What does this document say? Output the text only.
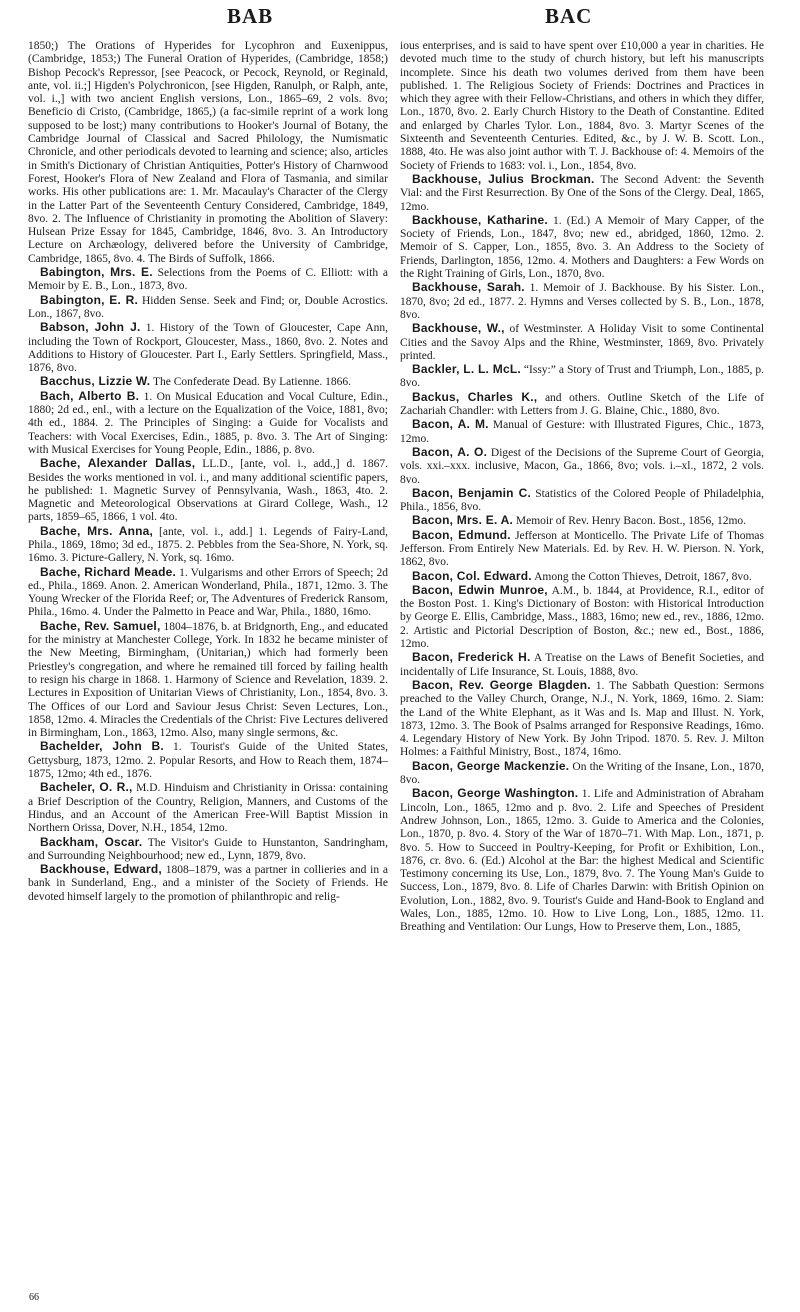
BAB	BAC

1850;) The Orations of Hyperides for Lycophron and Euxenippus, (Cambridge, 1853;) The Funeral Oration of Hyperides, (Cambridge, 1858;) Bishop Pecock's Repressor, [see Peacock, or Pecock, Reynold, or Reginald, ante, vol. ii.;] Higden's Polychronicon, [see Higden, Ranulph, or Ralph, ante, vol. i.,] with two ancient English versions, Lon., 1865–69, 2 vols. 8vo; Beneficio di Cristo, (Cambridge, 1865,) (a fac-simile reprint of a work long supposed to be lost;) many contributions to Hooker's Journal of Botany, the Cambridge Journal of Classical and Sacred Philology, the Numismatic Chronicle, and other periodicals devoted to learning and science; also, articles in Smith's Dictionary of Christian Antiquities, Potter's History of Charnwood Forest, Hooker's Flora of New Zealand and Flora of Tasmania, and similar works. His other publications are: 1. Mr. Macaulay's Character of the Clergy in the Latter Part of the Seventeenth Century Considered, Cambridge, 1849, 8vo. 2. The Influence of Christianity in promoting the Abolition of Slavery: Hulsean Prize Essay for 1845, Cambridge, 1846, 8vo. 3. An Introductory Lecture on Archæology, delivered before the University of Cambridge, Cambridge, 1865, 8vo. 4. The Birds of Suffolk, 1866.

Babington, Mrs. E. Selections from the Poems of C. Elliott: with a Memoir by E. B., Lon., 1873, 8vo.

Babington, E. R. Hidden Sense. Seek and Find; or, Double Acrostics. Lon., 1867, 8vo.

Babson, John J. 1. History of the Town of Gloucester, Cape Ann, including the Town of Rockport, Gloucester, Mass., 1860, 8vo. 2. Notes and Additions to History of Gloucester. Part I., Early Settlers. Springfield, Mass., 1876, 8vo.

Bacchus, Lizzie W. The Confederate Dead. By Latienne. 1866.

Bach, Alberto B. 1. On Musical Education and Vocal Culture, Edin., 1880; 2d ed., enl., with a lecture on the Equalization of the Voice, 1881, 8vo; 4th ed., 1884. 2. The Principles of Singing: a Guide for Vocalists and Teachers: with Vocal Exercises, Edin., 1885, p. 8vo. 3. The Art of Singing: with Musical Exercises for Young People, Edin., 1886, p. 8vo.

Bache, Alexander Dallas, LL.D., [ante, vol. i., add.,] d. 1867. Besides the works mentioned in vol. i., and many additional scientific papers, he published: 1. Magnetic Survey of Pennsylvania, Wash., 1863, 4to. 2. Magnetic and Meteorological Observations at Girard College, Wash., 12 parts, 1859–65, 1866, 1 vol. 4to.

Bache, Mrs. Anna, [ante, vol. i., add.] 1. Legends of Fairy-Land, Phila., 1869, 18mo; 3d ed., 1875. 2. Pebbles from the Sea-Shore, N. York, sq. 16mo. 3. Picture-Gallery, N. York, sq. 16mo.

Bache, Richard Meade. 1. Vulgarisms and other Errors of Speech; 2d ed., Phila., 1869. Anon. 2. American Wonderland, Phila., 1871, 12mo. 3. The Young Wrecker of the Florida Reef; or, The Adventures of Frederick Ransom, Phila., 16mo. 4. Under the Palmetto in Peace and War, Phila., 1880, 16mo.

Bache, Rev. Samuel, 1804–1876, b. at Bridgnorth, Eng., and educated for the ministry at Manchester College, York. In 1832 he became minister of the New Meeting, Birmingham, (Unitarian,) which had formerly been Priestley's congregation, and where he remained till forced by failing health to resign his charge in 1868. 1. Harmony of Science and Revelation, 1839. 2. Lectures in Exposition of Unitarian Views of Christianity, Lon., 1854, 8vo. 3. The Offices of our Lord and Saviour Jesus Christ: Seven Lectures, Lon., 1858, 12mo. 4. Miracles the Credentials of the Christ: Five Lectures delivered in Birmingham, Lon., 1863, 12mo. Also, many single sermons, &c.

Bachelder, John B. 1. Tourist's Guide of the United States, Gettysburg, 1873, 12mo. 2. Popular Resorts, and How to Reach them, 1874–1875, 12mo; 4th ed., 1876.

Bacheler, O. R., M.D. Hinduism and Christianity in Orissa: containing a Brief Description of the Country, Religion, Manners, and Customs of the Hindus, and an Account of the American Free-Will Baptist Mission in Northern Orissa, Dover, N.H., 1854, 12mo.

Backham, Oscar. The Visitor's Guide to Hunstanton, Sandringham, and Surrounding Neighbourhood; new ed., Lynn, 1879, 8vo.

Backhouse, Edward, 1808–1879, was a partner in collieries and in a bank in Sunderland, Eng., and a minister of the Society of Friends. He devoted himself largely to the promotion of philanthropic and relig-

ious enterprises, and is said to have spent over £10,000 a year in charities. He devoted much time to the study of church history, but left his manuscripts incomplete. Since his death two volumes derived from them have been published. 1. The Religious Society of Friends: Doctrines and Practices in which they agree with their Fellow-Christians, and others in which they differ, Lon., 1870, 8vo. 2. Early Church History to the Death of Constantine. Edited and enlarged by Charles Tylor. Lon., 1884, 8vo. 3. Martyr Scenes of the Sixteenth and Seventeenth Centuries. Edited, &c., by J. W. B. Scott. Lon., 1888, 4to. He was also joint author with T. J. Backhouse of: 4. Memoirs of the Society of Friends to 1683: vol. i., Lon., 1854, 8vo.

Backhouse, Julius Brockman. The Second Advent: the Seventh Vial: and the First Resurrection. By One of the Sons of the Clergy. Deal, 1865, 12mo.

Backhouse, Katharine. 1. (Ed.) A Memoir of Mary Capper, of the Society of Friends, Lon., 1847, 8vo; new ed., abridged, 1860, 12mo. 2. Memoir of S. Capper, Lon., 1855, 8vo. 3. An Address to the Society of Friends, Darlington, 1856, 12mo. 4. Mothers and Daughters: a Few Words on the Right Training of Girls, Lon., 1870, 8vo.

Backhouse, Sarah. 1. Memoir of J. Backhouse. By his Sister. Lon., 1870, 8vo; 2d ed., 1877. 2. Hymns and Verses collected by S. B., Lon., 1878, 8vo.

Backhouse, W., of Westminster. A Holiday Visit to some Continental Cities and the Savoy Alps and the Rhine, Westminster, 1869, 8vo. Privately printed.

Backler, L. L. McL. “Issy:” a Story of Trust and Triumph, Lon., 1885, p. 8vo.

Backus, Charles K., and others. Outline Sketch of the Life of Zachariah Chandler: with Letters from J. G. Blaine, Chic., 1880, 8vo.

Bacon, A. M. Manual of Gesture: with Illustrated Figures, Chic., 1873, 12mo.

Bacon, A. O. Digest of the Decisions of the Supreme Court of Georgia, vols. xxi.–xxx. inclusive, Macon, Ga., 1866, 8vo; vols. i.–xl., 1872, 2 vols. 8vo.

Bacon, Benjamin C. Statistics of the Colored People of Philadelphia, Phila., 1856, 8vo.

Bacon, Mrs. E. A. Memoir of Rev. Henry Bacon. Bost., 1856, 12mo.

Bacon, Edmund. Jefferson at Monticello. The Private Life of Thomas Jefferson. From Entirely New Materials. Ed. by Rev. H. W. Pierson. N. York, 1862, 8vo.

Bacon, Col. Edward. Among the Cotton Thieves, Detroit, 1867, 8vo.

Bacon, Edwin Munroe, A.M., b. 1844, at Providence, R.I., editor of the Boston Post. 1. King's Dictionary of Boston: with Historical Introduction by George E. Ellis, Cambridge, Mass., 1883, 16mo; new ed., rev., 1886, 12mo. 2. Artistic and Pictorial Description of Boston, &c.; new ed., Bost., 1886, 12mo.

Bacon, Frederick H. A Treatise on the Laws of Benefit Societies, and incidentally of Life Insurance, St. Louis, 1888, 8vo.

Bacon, Rev. George Blagden. 1. The Sabbath Question: Sermons preached to the Valley Church, Orange, N.J., N. York, 1869, 16mo. 2. Siam: the Land of the White Elephant, as it Was and Is. Map and Illust. N. York, 1873, 12mo. 3. The Book of Psalms arranged for Responsive Readings, 16mo. 4. Legendary History of New York. By John Tripod. 1870. 5. Rev. J. Milton Holmes: a Faithful Ministry, Bost., 1874, 16mo.

Bacon, George Mackenzie. On the Writing of the Insane, Lon., 1870, 8vo.

Bacon, George Washington. 1. Life and Administration of Abraham Lincoln, Lon., 1865, 12mo and p. 8vo. 2. Life and Speeches of President Andrew Johnson, Lon., 1865, 12mo. 3. Guide to America and the Colonies, Lon., 1870, p. 8vo. 4. Story of the War of 1870–71. With Map. Lon., 1871, p. 8vo. 5. How to Succeed in Poultry-Keeping, for Profit or Exhibition, Lon., 1876, cr. 8vo. 6. (Ed.) Alcohol at the Bar: the highest Medical and Scientific Testimony concerning its Use, Lon., 1879, 8vo. 7. The Young Man's Guide to Success, Lon., 1879, 8vo. 8. Life of Charles Darwin: with British Opinion on Evolution, Lon., 1882, 8vo. 9. Tourist's Guide and Hand-Book to England and Wales, Lon., 1885, 12mo. 10. How to Live Long, Lon., 1885, 12mo. 11. Breathing and Ventilation: Our Lungs, How to Preserve them, Lon., 1885,

66
